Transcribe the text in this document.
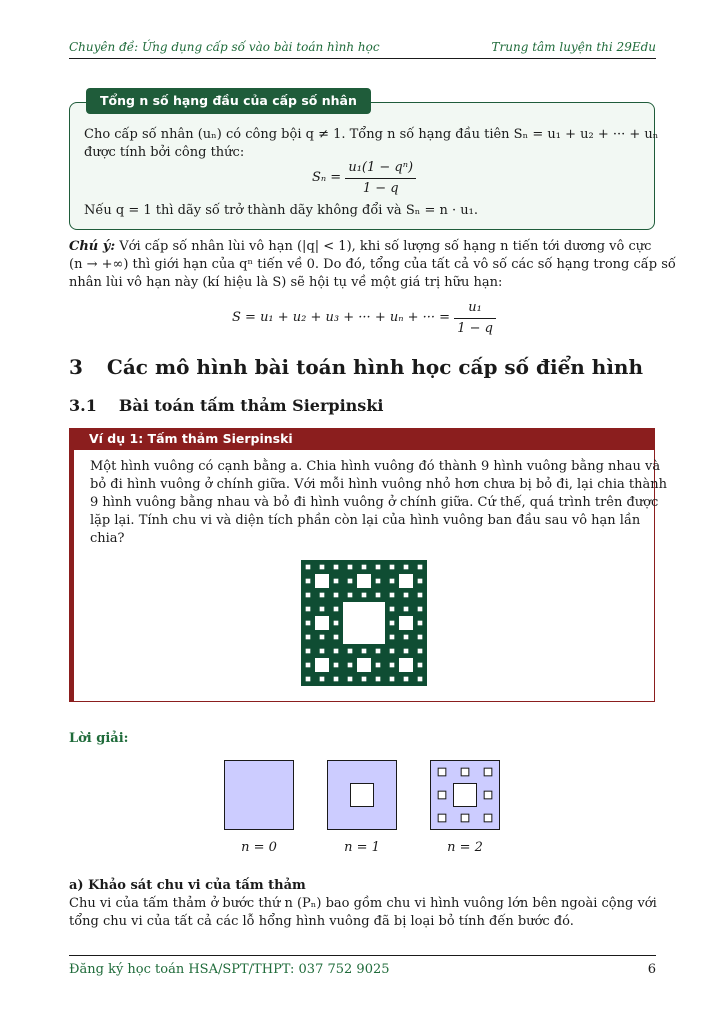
Chuyên đề: Ứng dụng cấp số vào bài toán hình học	Trung tâm luyện thi 29Edu
Tổng n số hạng đầu của cấp số nhân
Cho cấp số nhân (uₙ) có công bội q ≠ 1. Tổng n số hạng đầu tiên Sₙ = u₁ + u₂ + ··· + uₙ
được tính bởi công thức:
Sₙ =
$\frac{\text{u₁(1 − qⁿ)}}{1 - q}$
Nếu q = 1 thì dãy số trở thành dãy không đổi và Sₙ = n · u₁.
Chú ý: Với cấp số nhân lùi vô hạn (|q| < 1), khi số lượng số hạng n tiến tới dương vô cực
(n → +∞) thì giới hạn của qⁿ tiến về 0. Do đó, tổng của tất cả vô số các số hạng trong cấp số
nhân lùi vô hạn này (kí hiệu là S) sẽ hội tụ về một giá trị hữu hạn:
S = u₁ + u₂ + u₃ + ··· + uₙ + ··· =
$\frac{\text{u₁}}{1 - q}$
3 Các mô hình bài toán hình học cấp số điển hình
3.1 Bài toán tấm thảm Sierpinski
Ví dụ 1: Tấm thảm Sierpinski
Một hình vuông có cạnh bằng a. Chia hình vuông đó thành 9 hình vuông bằng nhau và
bỏ đi hình vuông ở chính giữa. Với mỗi hình vuông nhỏ hơn chưa bị bỏ đi, lại chia thành
9 hình vuông bằng nhau và bỏ đi hình vuông ở chính giữa. Cứ thế, quá trình trên được
lặp lại. Tính chu vi và diện tích phần còn lại của hình vuông ban đầu sau vô hạn lần
chia?
Lời giải:
n = 0	n = 1	n = 2
a) Khảo sát chu vi của tấm thảm
Chu vi của tấm thảm ở bước thứ n (Pₙ) bao gồm chu vi hình vuông lớn bên ngoài cộng với
tổng chu vi của tất cả các lỗ hổng hình vuông đã bị loại bỏ tính đến bước đó.
Đăng ký học toán HSA/SPT/THPT: 037 752 9025	6
